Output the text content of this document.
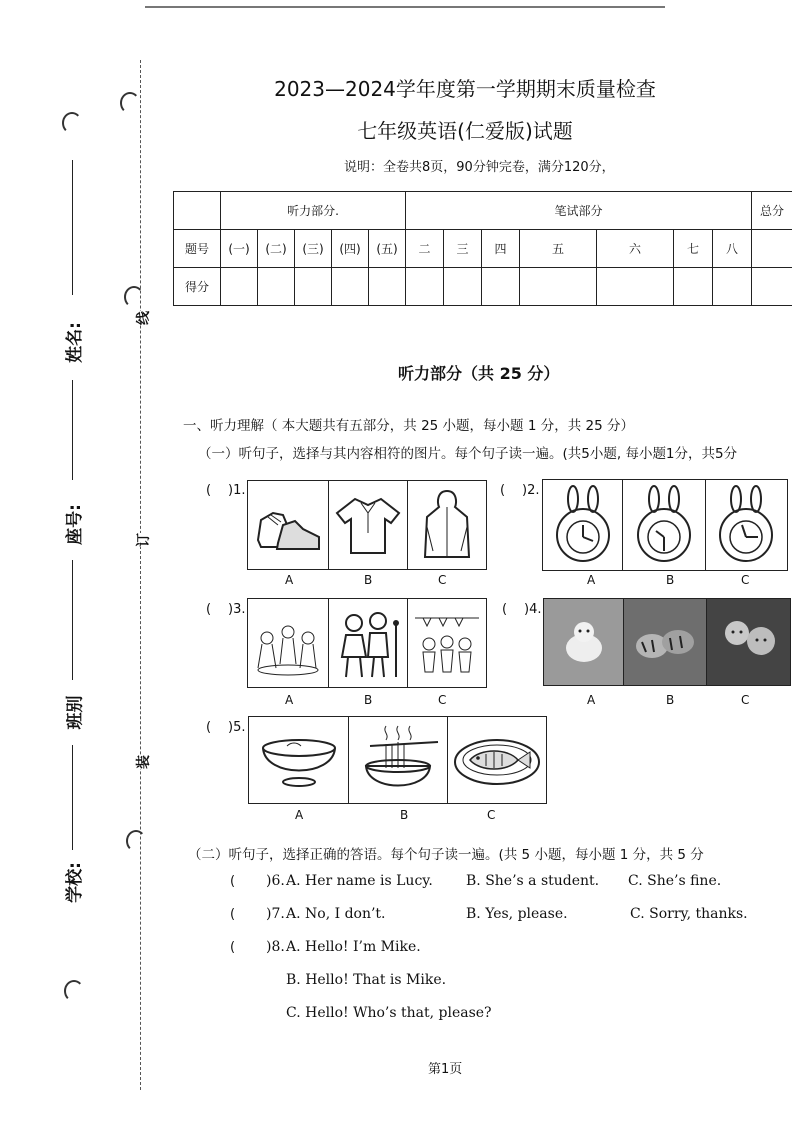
姓名:
座号:
班别
学校:
线
订
装
2023—2024学年度第一学期期末质量检查
七年级英语(仁爱版)试题
说明：全卷共8页，90分钟完卷，满分120分，
	听力部分.					笔试部分							总分
题号	(一)	(二)	(三)	(四)	(五)	二	三	四	五	六	七	八	
得分													
听力部分（共 25 分）
一、听力理解（ 本大题共有五部分，共 25 小题，每小题 1 分，共 25 分）
（一）听句子，选择与其内容相符的图片。每个句子读一遍。(共5小题, 每小题1分，共5分
( )1.
A	B	C
( )2.
A	B	C
( )3.
A	B	C
( )4.
A	B	C
( )5.
A	B	C
（二）听句子，选择正确的答语。每个句子读一遍。(共 5 小题，每小题 1 分，共 5 分
( )6. A. Her name is Lucy. B. She’s a student. C. She’s fine.
( )7. A. No, I don’t.	B. Yes, please.	C. Sorry, thanks.
( )8. A. Hello! I’m Mike.
B. Hello! That is Mike.
C. Hello! Who’s that, please?
第1页
